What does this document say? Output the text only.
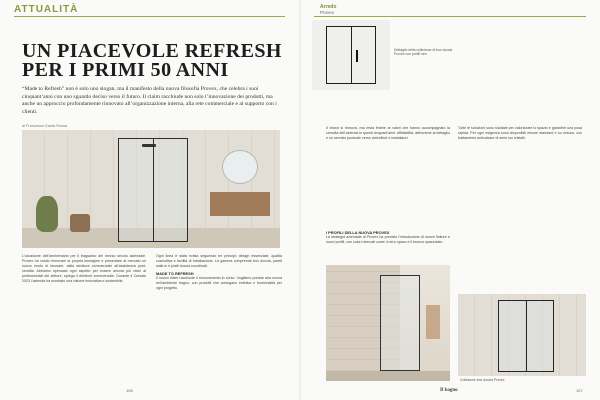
ATTUALITÀ	Arredo
Provex
UN PIACEVOLE REFRESH PER I PRIMI 50 ANNI

“Made to Refresh” non è solo uno slogan, ma il manifesto della nuova filosofia Provex, che celebra i suoi cinquant’anni con uno sguardo deciso verso il futuro. Il claim racchiude non solo l’innovazione dei prodotti, ma anche un approccio profondamente rinnovato all’organizzazione interna, alla rete commerciale e al supporto con i clienti.

di Francesca Gaeta Rossa
L’occasione dell’anniversario per il traguardo del mezzo secolo aziendale. Provex ha voluto rinnovare la propria immagine e presentare al mercato un nuovo modo di lavorare, dalla struttura commerciale all’assistenza post-vendita. Abbiamo ripensato ogni aspetto per essere ancora più vicini ai professionisti del settore, spiega il direttore commerciale. Durante il Cersaie 2023 l’azienda ha mostrato una visione innovativa e sostenibile.
Ogni linea è stata rivista seguendo tre principi: design essenziale, qualità costruttiva e facilità di installazione. La gamma comprende box doccia, pareti walk-in e piatti doccia coordinati.
MADE TO REFRESH
Il nuovo claim racchiude il rinnovamento in corso. Vogliamo portare aria nuova nell’ambiente bagno, con prodotti che coniugano estetica e funzionalità per ogni progetto.
106
Dettaglio della collezione di box doccia Provex con profili neri
Il brand si rinnova, ma resta fedele ai valori che hanno accompagnato la crescita dell’azienda in questi cinquant’anni: affidabilità, attenzione al dettaglio e un servizio puntuale verso rivenditori e installatori.
Tutte le soluzioni sono studiate per valorizzare lo spazio e garantire una posa rapida. Per ogni esigenza sono disponibili misure standard e su misura, con trattamento anticalcare di serie sui cristalli.
I PROFILI DELLA NUOVA PROVEX
La strategia aziendale di Provex ha previsto l’introduzione di nuove finiture e nuovi profili, con colori ricercati come il nero opaco e il bronzo spazzolato.
Collezione box doccia Provex
Il bagno	107
